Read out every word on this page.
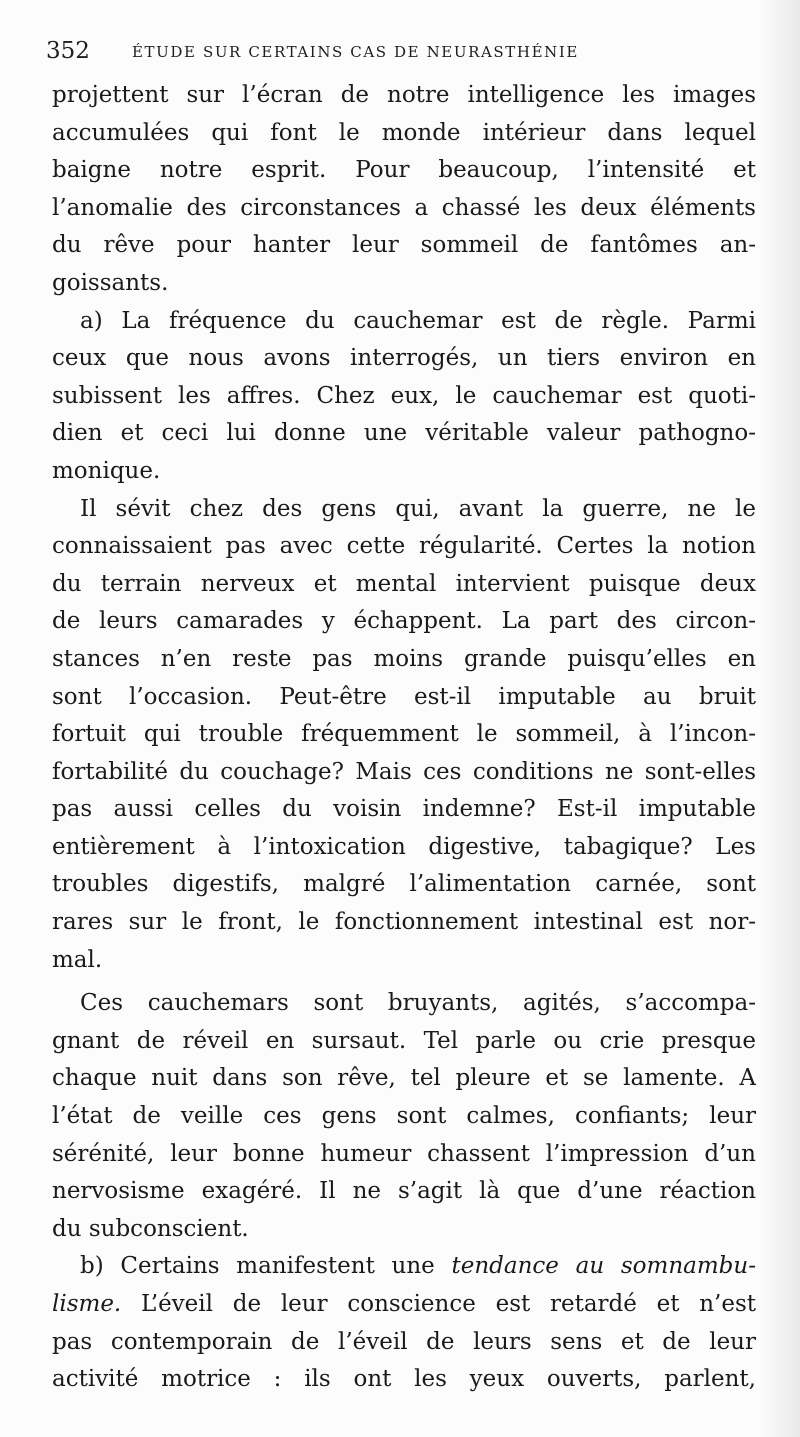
352	ÉTUDE SUR CERTAINS CAS DE NEURASTHÉNIE
projettent sur l’écran de notre intelligence les images
accumulées qui font le monde intérieur dans lequel
baigne notre esprit. Pour beaucoup, l’intensité et
l’anomalie des circonstances a chassé les deux éléments
du rêve pour hanter leur sommeil de fantômes an-
goissants.
a) La fréquence du cauchemar est de règle. Parmi
ceux que nous avons interrogés, un tiers environ en
subissent les affres. Chez eux, le cauchemar est quoti-
dien et ceci lui donne une véritable valeur pathogno-
monique.
Il sévit chez des gens qui, avant la guerre, ne le
connaissaient pas avec cette régularité. Certes la notion
du terrain nerveux et mental intervient puisque deux
de leurs camarades y échappent. La part des circon-
stances n’en reste pas moins grande puisqu’elles en
sont l’occasion. Peut-être est-il imputable au bruit
fortuit qui trouble fréquemment le sommeil, à l’incon-
fortabilité du couchage? Mais ces conditions ne sont-elles
pas aussi celles du voisin indemne? Est-il imputable
entièrement à l’intoxication digestive, tabagique? Les
troubles digestifs, malgré l’alimentation carnée, sont
rares sur le front, le fonctionnement intestinal est nor-
mal.
Ces cauchemars sont bruyants, agités, s’accompa-
gnant de réveil en sursaut. Tel parle ou crie presque
chaque nuit dans son rêve, tel pleure et se lamente. A
l’état de veille ces gens sont calmes, confiants; leur
sérénité, leur bonne humeur chassent l’impression d’un
nervosisme exagéré. Il ne s’agit là que d’une réaction
du subconscient.
b) Certains manifestent une tendance au somnambu-
lisme. L’éveil de leur conscience est retardé et n’est
pas contemporain de l’éveil de leurs sens et de leur
activité motrice : ils ont les yeux ouverts, parlent,
